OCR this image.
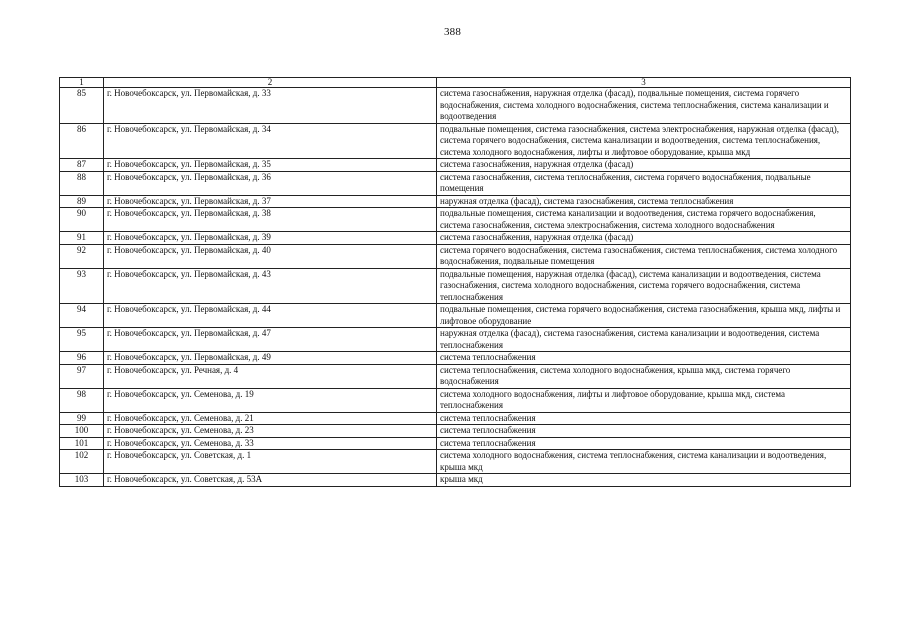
388
1	2	3
85	г. Новочебоксарск, ул. Первомайская, д. 33	система газоснабжения, наружная отделка (фасад), подвальные помещения, система горячего водоснабжения, система холодного водоснабжения, система теплоснабжения, система канализации и водоотведения
86	г. Новочебоксарск, ул. Первомайская, д. 34	подвальные помещения, система газоснабжения, система электроснабжения, наружная отделка (фасад), система горячего водоснабжения, система канализации и водоотведения, система теплоснабжения, система холодного водоснабжения, лифты и лифтовое оборудование, крыша мкд
87	г. Новочебоксарск, ул. Первомайская, д. 35	система газоснабжения, наружная отделка (фасад)
88	г. Новочебоксарск, ул. Первомайская, д. 36	система газоснабжения, система теплоснабжения, система горячего водоснабжения, подвальные помещения
89	г. Новочебоксарск, ул. Первомайская, д. 37	наружная отделка (фасад), система газоснабжения, система теплоснабжения
90	г. Новочебоксарск, ул. Первомайская, д. 38	подвальные помещения, система канализации и водоотведения, система горячего водоснабжения, система газоснабжения, система электроснабжения, система холодного водоснабжения
91	г. Новочебоксарск, ул. Первомайская, д. 39	система газоснабжения, наружная отделка (фасад)
92	г. Новочебоксарск, ул. Первомайская, д. 40	система горячего водоснабжения, система газоснабжения, система теплоснабжения, система холодного водоснабжения, подвальные помещения
93	г. Новочебоксарск, ул. Первомайская, д. 43	подвальные помещения, наружная отделка (фасад), система канализации и водоотведения, система газоснабжения, система холодного водоснабжения, система горячего водоснабжения, система теплоснабжения
94	г. Новочебоксарск, ул. Первомайская, д. 44	подвальные помещения, система горячего водоснабжения, система газоснабжения, крыша мкд, лифты и лифтовое оборудование
95	г. Новочебоксарск, ул. Первомайская, д. 47	наружная отделка (фасад), система газоснабжения, система канализации и водоотведения, система теплоснабжения
96	г. Новочебоксарск, ул. Первомайская, д. 49	система теплоснабжения
97	г. Новочебоксарск, ул. Речная, д. 4	система теплоснабжения, система холодного водоснабжения, крыша мкд, система горячего водоснабжения
98	г. Новочебоксарск, ул. Семенова, д. 19	система холодного водоснабжения, лифты и лифтовое оборудование, крыша мкд, система теплоснабжения
99	г. Новочебоксарск, ул. Семенова, д. 21	система теплоснабжения
100	г. Новочебоксарск, ул. Семенова, д. 23	система теплоснабжения
101	г. Новочебоксарск, ул. Семенова, д. 33	система теплоснабжения
102	г. Новочебоксарск, ул. Советская, д. 1	система холодного водоснабжения, система теплоснабжения, система канализации и водоотведения, крыша мкд
103	г. Новочебоксарск, ул. Советская, д. 53А	крыша мкд
